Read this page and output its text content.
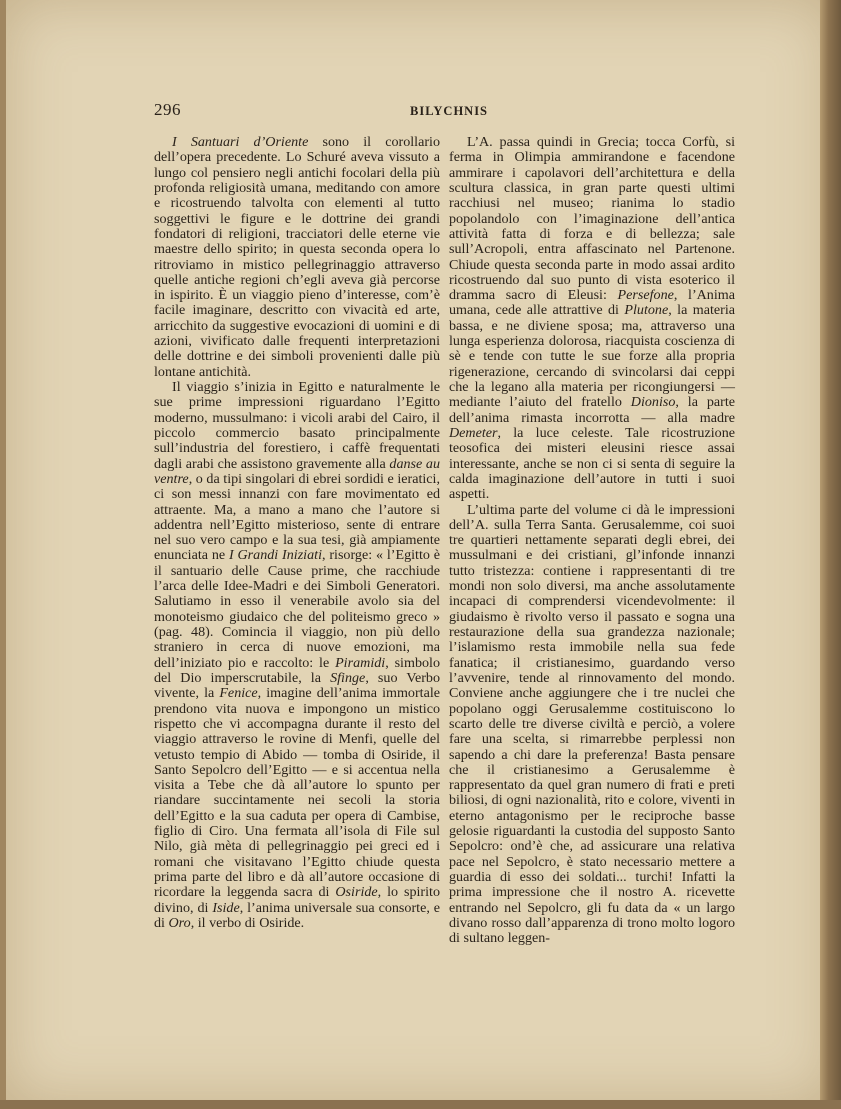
296	BILYCHNIS

I Santuari d’Oriente sono il corollario dell’opera precedente. Lo Schuré aveva vissuto a lungo col pensiero negli antichi focolari della più profonda religiosità umana, meditando con amore e ricostruendo talvolta con elementi al tutto soggettivi le figure e le dottrine dei grandi fondatori di religioni, tracciatori delle eterne vie maestre dello spirito; in questa seconda opera lo ritroviamo in mistico pellegrinaggio attraverso quelle antiche regioni ch’egli aveva già percorse in ispirito. È un viaggio pieno d’interesse, com’è facile imaginare, descritto con vivacità ed arte, arricchito da suggestive evocazioni di uomini e di azioni, vivificato dalle frequenti interpretazioni delle dottrine e dei simboli provenienti dalle più lontane antichità.

Il viaggio s’inizia in Egitto e naturalmente le sue prime impressioni riguardano l’Egitto moderno, mussulmano: i vicoli arabi del Cairo, il piccolo commercio basato principalmente sull’industria del forestiero, i caffè frequentati dagli arabi che assistono gravemente alla danse au ventre, o da tipi singolari di ebrei sordidi e ieratici, ci son messi innanzi con fare movimentato ed attraente. Ma, a mano a mano che l’autore si addentra nell’Egitto misterioso, sente di entrare nel suo vero campo e la sua tesi, già ampiamente enunciata ne I Grandi Iniziati, risorge: « l’Egitto è il santuario delle Cause prime, che racchiude l’arca delle Idee-Madri e dei Simboli Generatori. Salutiamo in esso il venerabile avolo sia del monoteismo giudaico che del politeismo greco » (pag. 48). Comincia il viaggio, non più dello straniero in cerca di nuove emozioni, ma dell’iniziato pio e raccolto: le Piramidi, simbolo del Dio imperscrutabile, la Sfinge, suo Verbo vivente, la Fenice, imagine dell’anima immortale prendono vita nuova e impongono un mistico rispetto che vi accompagna durante il resto del viaggio attraverso le rovine di Menfi, quelle del vetusto tempio di Abido — tomba di Osiride, il Santo Sepolcro dell’Egitto — e si accentua nella visita a Tebe che dà all’autore lo spunto per riandare succintamente nei secoli la storia dell’Egitto e la sua caduta per opera di Cambise, figlio di Ciro. Una fermata all’isola di File sul Nilo, già mèta di pellegrinaggio pei greci ed i romani che visitavano l’Egitto chiude questa prima parte del libro e dà all’autore occasione di ricordare la leggenda sacra di Osiride, lo spirito divino, di Iside, l’anima universale sua consorte, e di Oro, il verbo di Osiride.

L’A. passa quindi in Grecia; tocca Corfù, si ferma in Olimpia ammirandone e facendone ammirare i capolavori dell’architettura e della scultura classica, in gran parte questi ultimi racchiusi nel museo; rianima lo stadio popolandolo con l’imaginazione dell’antica attività fatta di forza e di bellezza; sale sull’Acropoli, entra affascinato nel Partenone. Chiude questa seconda parte in modo assai ardito ricostruendo dal suo punto di vista esoterico il dramma sacro di Eleusi: Persefone, l’Anima umana, cede alle attrattive di Plutone, la materia bassa, e ne diviene sposa; ma, attraverso una lunga esperienza dolorosa, riacquista coscienza di sè e tende con tutte le sue forze alla propria rigenerazione, cercando di svincolarsi dai ceppi che la legano alla materia per ricongiungersi — mediante l’aiuto del fratello Dioniso, la parte dell’anima rimasta incorrotta — alla madre Demeter, la luce celeste. Tale ricostruzione teosofica dei misteri eleusini riesce assai interessante, anche se non ci si senta di seguire la calda imaginazione dell’autore in tutti i suoi aspetti.

L’ultima parte del volume ci dà le impressioni dell’A. sulla Terra Santa. Gerusalemme, coi suoi tre quartieri nettamente separati degli ebrei, dei mussulmani e dei cristiani, gl’infonde innanzi tutto tristezza: contiene i rappresentanti di tre mondi non solo diversi, ma anche assolutamente incapaci di comprendersi vicendevolmente: il giudaismo è rivolto verso il passato e sogna una restaurazione della sua grandezza nazionale; l’islamismo resta immobile nella sua fede fanatica; il cristianesimo, guardando verso l’avvenire, tende al rinnovamento del mondo. Conviene anche aggiungere che i tre nuclei che popolano oggi Gerusalemme costituiscono lo scarto delle tre diverse civiltà e perciò, a volere fare una scelta, si rimarrebbe perplessi non sapendo a chi dare la preferenza! Basta pensare che il cristianesimo a Gerusalemme è rappresentato da quel gran numero di frati e preti biliosi, di ogni nazionalità, rito e colore, viventi in eterno antagonismo per le reciproche basse gelosie riguardanti la custodia del supposto Santo Sepolcro: ond’è che, ad assicurare una relativa pace nel Sepolcro, è stato necessario mettere a guardia di esso dei soldati... turchi! Infatti la prima impressione che il nostro A. ricevette entrando nel Sepolcro, gli fu data da « un largo divano rosso dall’apparenza di trono molto logoro di sultano leggen-
